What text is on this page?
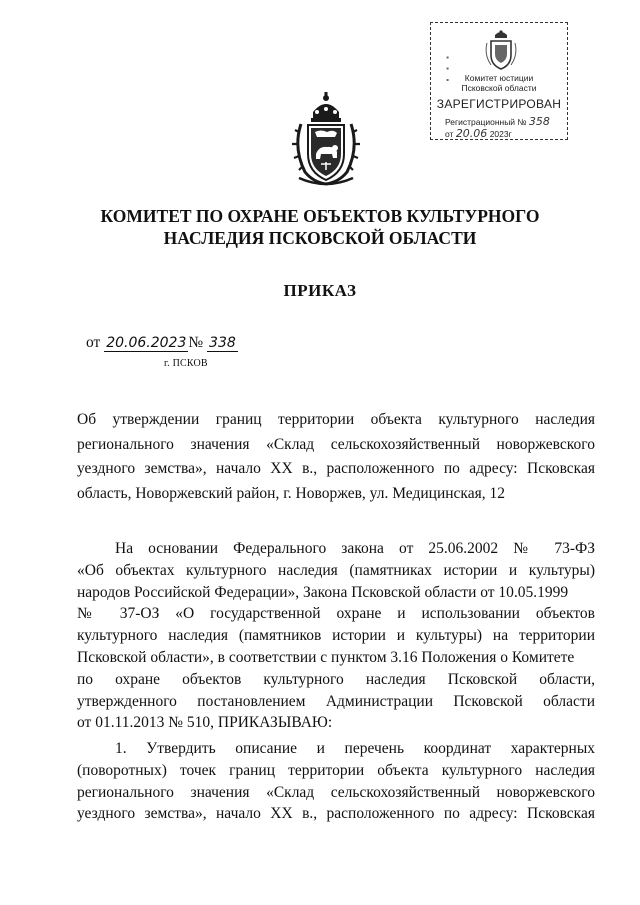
▪ ▪ ▪	Комитет юстиции
Псковской области
ЗАРЕГИСТРИРОВАН
Регистрационный № 358
от 20.06 2023г
КОМИТЕТ ПО ОХРАНЕ ОБЪЕКТОВ КУЛЬТУРНОГО
НАСЛЕДИЯ ПСКОВСКОЙ ОБЛАСТИ
ПРИКАЗ
от 20.06.2023 № 338
г. ПСКОВ
Об утверждении границ территории объекта культурного наследия
регионального значения «Склад сельскохозяйственный новоржевского
уездного земства», начало XX в., расположенного по адресу: Псковская
область, Новоржевский район, г. Новоржев, ул. Медицинская, 12
На основании Федерального закона от 25.06.2002 № 73-ФЗ
«Об объектах культурного наследия (памятниках истории и культуры)
народов Российской Федерации», Закона Псковской области от 10.05.1999
№ 37-ОЗ «О государственной охране и использовании объектов
культурного наследия (памятников истории и культуры) на территории
Псковской области», в соответствии с пунктом 3.16 Положения о Комитете
по охране объектов культурного наследия Псковской области,
утвержденного постановлением Администрации Псковской области
от 01.11.2013 № 510, ПРИКАЗЫВАЮ:
1. Утвердить описание и перечень координат характерных
(поворотных) точек границ территории объекта культурного наследия
регионального значения «Склад сельскохозяйственный новоржевского
уездного земства», начало XX в., расположенного по адресу: Псковская
